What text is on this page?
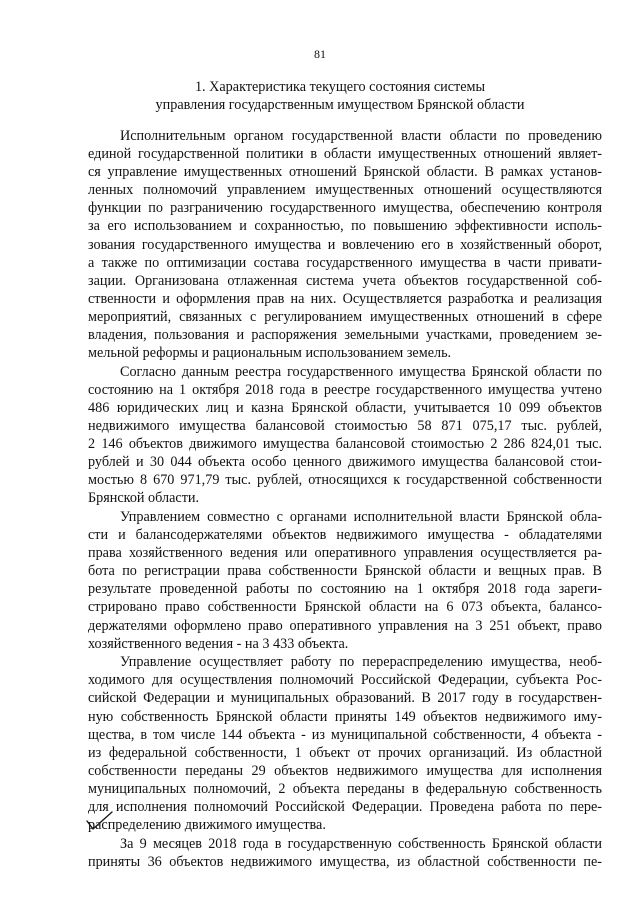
81
1. Характеристика текущего состояния системы
управления государственным имуществом Брянской области
Исполнительным органом государственной власти области по проведению
единой государственной политики в области имущественных отношений являет-
ся управление имущественных отношений Брянской области. В рамках установ-
ленных полномочий управлением имущественных отношений осуществляются
функции по разграничению государственного имущества, обеспечению контроля
за его использованием и сохранностью, по повышению эффективности исполь-
зования государственного имущества и вовлечению его в хозяйственный оборот,
а также по оптимизации состава государственного имущества в части привати-
зации. Организована отлаженная система учета объектов государственной соб-
ственности и оформления прав на них. Осуществляется разработка и реализация
мероприятий, связанных с регулированием имущественных отношений в сфере
владения, пользования и распоряжения земельными участками, проведением зе-
мельной реформы и рациональным использованием земель.
Согласно данным реестра государственного имущества Брянской области по
состоянию на 1 октября 2018 года в реестре государственного имущества учтено
486 юридических лиц и казна Брянской области, учитывается 10 099 объектов
недвижимого имущества балансовой стоимостью 58 871 075,17 тыс. рублей,
2 146 объектов движимого имущества балансовой стоимостью 2 286 824,01 тыс.
рублей и 30 044 объекта особо ценного движимого имущества балансовой стои-
мостью 8 670 971,79 тыс. рублей, относящихся к государственной собственности
Брянской области.
Управлением совместно с органами исполнительной власти Брянской обла-
сти и балансодержателями объектов недвижимого имущества - обладателями
права хозяйственного ведения или оперативного управления осуществляется ра-
бота по регистрации права собственности Брянской области и вещных прав. В
результате проведенной работы по состоянию на 1 октября 2018 года зареги-
стрировано право собственности Брянской области на 6 073 объекта, балансо-
держателями оформлено право оперативного управления на 3 251 объект, право
хозяйственного ведения - на 3 433 объекта.
Управление осуществляет работу по перераспределению имущества, необ-
ходимого для осуществления полномочий Российской Федерации, субъекта Рос-
сийской Федерации и муниципальных образований. В 2017 году в государствен-
ную собственность Брянской области приняты 149 объектов недвижимого иму-
щества, в том числе 144 объекта - из муниципальной собственности, 4 объекта -
из федеральной собственности, 1 объект от прочих организаций. Из областной
собственности переданы 29 объектов недвижимого имущества для исполнения
муниципальных полномочий, 2 объекта переданы в федеральную собственность
для исполнения полномочий Российской Федерации. Проведена работа по пере-
распределению движимого имущества.
За 9 месяцев 2018 года в государственную собственность Брянской области
приняты 36 объектов недвижимого имущества, из областной собственности пе-
